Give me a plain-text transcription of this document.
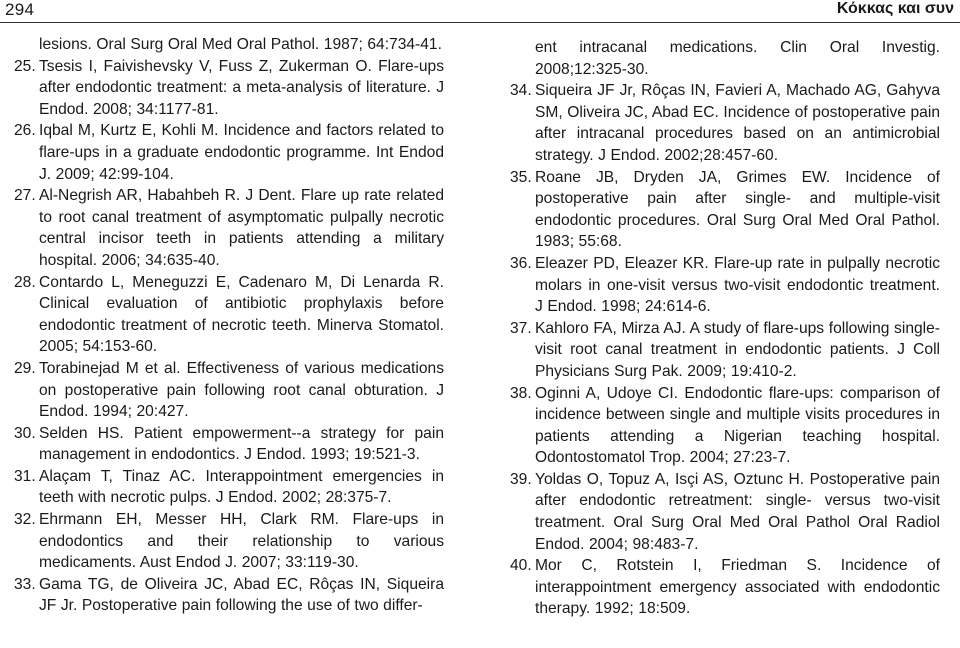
294	Κόκκας και συν

lesions. Oral Surg Oral Med Oral Pathol. 1987; 64:734-41.

25. Tsesis I, Faivishevsky V, Fuss Z, Zukerman O. Flare-ups after endodontic treatment: a meta-analysis of literature. J Endod. 2008; 34:1177-81.

26. Iqbal M, Kurtz E, Kohli M. Incidence and factors related to flare-ups in a graduate endodontic programme. Int Endod J. 2009; 42:99-104.

27. Al-Negrish AR, Habahbeh R. J Dent. Flare up rate related to root canal treatment of asymptomatic pulpally necrotic central incisor teeth in patients attending a military hospital. 2006; 34:635-40.

28. Contardo L, Meneguzzi E, Cadenaro M, Di Lenarda R. Clinical evaluation of antibiotic prophylaxis before endodontic treatment of necrotic teeth. Minerva Stomatol. 2005; 54:153-60.

29. Torabinejad M et al. Effectiveness of various medications on postoperative pain following root canal obturation. J Endod. 1994; 20:427.

30. Selden HS. Patient empowerment--a strategy for pain management in endodontics. J Endod. 1993; 19:521-3.

31. Alaçam T, Tinaz AC. Interappointment emergencies in teeth with necrotic pulps. J Endod. 2002; 28:375-7.

32. Ehrmann EH, Messer HH, Clark RM. Flare-ups in endodontics and their relationship to various medicaments. Aust Endod J. 2007; 33:119-30.

33. Gama TG, de Oliveira JC, Abad EC, Rôças IN, Siqueira JF Jr. Postoperative pain following the use of two differ-

ent intracanal medications. Clin Oral Investig. 2008;12:325-30.

34. Siqueira JF Jr, Rôças IN, Favieri A, Machado AG, Gahyva SM, Oliveira JC, Abad EC. Incidence of postoperative pain after intracanal procedures based on an antimicrobial strategy. J Endod. 2002;28:457-60.

35. Roane JB, Dryden JA, Grimes EW. Incidence of postoperative pain after single- and multiple-visit endodontic procedures. Oral Surg Oral Med Oral Pathol. 1983; 55:68.

36. Eleazer PD, Eleazer KR. Flare-up rate in pulpally necrotic molars in one-visit versus two-visit endodontic treatment. J Endod. 1998; 24:614-6.

37. Kahloro FA, Mirza AJ. A study of flare-ups following single-visit root canal treatment in endodontic patients. J Coll Physicians Surg Pak. 2009; 19:410-2.

38. Oginni A, Udoye CI. Endodontic flare-ups: comparison of incidence between single and multiple visits procedures in patients attending a Nigerian teaching hospital. Odontostomatol Trop. 2004; 27:23-7.

39. Yoldas O, Topuz A, Isçi AS, Oztunc H. Postoperative pain after endodontic retreatment: single- versus two-visit treatment. Oral Surg Oral Med Oral Pathol Oral Radiol Endod. 2004; 98:483-7.

40. Mor C, Rotstein I, Friedman S. Incidence of interappointment emergency associated with endodontic therapy. 1992; 18:509.
